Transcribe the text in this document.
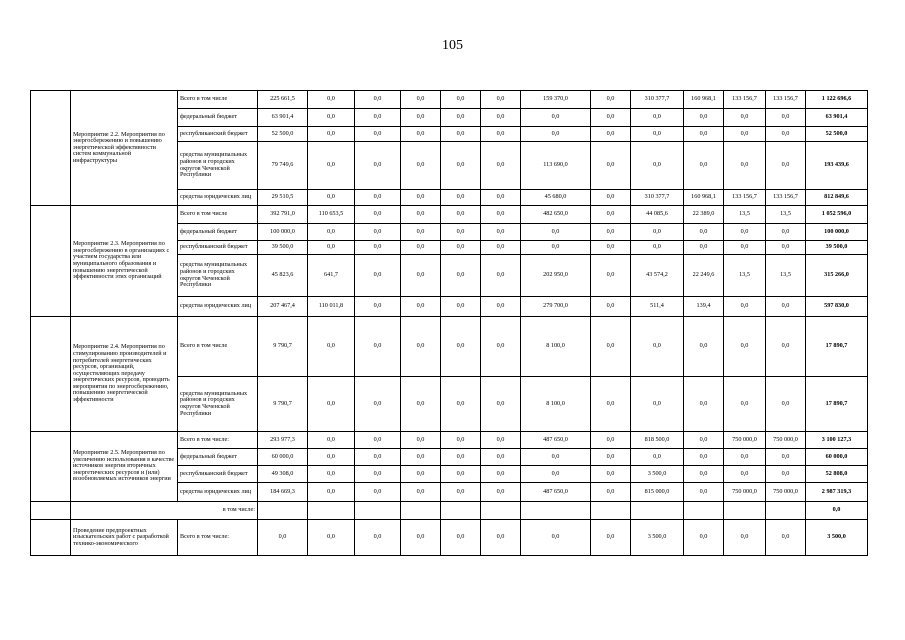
105
	Мероприятие 2.2. Мероприятия по энергосбережению и повышению энергетической эффективности систем коммунальной инфраструктуры	Всего в том числе	225 661,5	0,0	0,0	0,0	0,0	0,0	159 370,0	0,0	310 377,7	160 968,1	133 156,7	133 156,7	1 122 696,6
		федеральный бюджет	63 901,4	0,0	0,0	0,0	0,0	0,0	0,0	0,0	0,0	0,0	0,0	0,0	63 901,4
		республиканский бюджет	52 500,0	0,0	0,0	0,0	0,0	0,0	0,0	0,0	0,0	0,0	0,0	0,0	52 500,0
		средства муниципальных районов и городских округов Чеченской Республики	79 749,6	0,0	0,0	0,0	0,0	0,0	113 690,0	0,0	0,0	0,0	0,0	0,0	193 439,6
		средства юридических лиц	29 510,5	0,0	0,0	0,0	0,0	0,0	45 680,0	0,0	310 377,7	160 968,1	133 156,7	133 156,7	812 849,6
	Мероприятие 2.3. Мероприятия по энергосбережению в организациях с участием государства или муниципального образования и повышению энергетической эффективности этих организаций	Всего в том числе	392 791,0	110 653,5	0,0	0,0	0,0	0,0	482 650,0	0,0	44 085,6	22 389,0	13,5	13,5	1 052 596,0
		федеральный бюджет	100 000,0	0,0	0,0	0,0	0,0	0,0	0,0	0,0	0,0	0,0	0,0	0,0	100 000,0
		республиканский бюджет	39 500,0	0,0	0,0	0,0	0,0	0,0	0,0	0,0	0,0	0,0	0,0	0,0	39 500,0
		средства муниципальных районов и городских округов Чеченской Республики	45 823,6	641,7	0,0	0,0	0,0	0,0	202 950,0	0,0	43 574,2	22 249,6	13,5	13,5	315 266,0
		средства юридических лиц	207 467,4	110 011,8	0,0	0,0	0,0	0,0	279 700,0	0,0	511,4	139,4	0,0	0,0	597 830,0
	Мероприятие 2.4. Мероприятия по стимулированию производителей и потребителей энергетических ресурсов, организаций, осуществляющих передачу энергетических ресурсов, проводить мероприятия по энергосбережению, повышению энергетической эффективности	Всего в том числе	9 790,7	0,0	0,0	0,0	0,0	0,0	8 100,0	0,0	0,0	0,0	0,0	0,0	17 890,7
		средства муниципальных районов и городских округов Чеченской Республики	9 790,7	0,0	0,0	0,0	0,0	0,0	8 100,0	0,0	0,0	0,0	0,0	0,0	17 890,7
	Мероприятие 2.5. Мероприятия по увеличению использования в качестве источников энергии вторичных энергетических ресурсов и (или) возобновляемых источников энергии	Всего в том числе:	293 977,3	0,0	0,0	0,0	0,0	0,0	487 650,0	0,0	818 500,0	0,0	750 000,0	750 000,0	3 100 127,3
		федеральный бюджет	60 000,0	0,0	0,0	0,0	0,0	0,0	0,0	0,0	0,0	0,0	0,0	0,0	60 000,0
		республиканский бюджет	49 308,0	0,0	0,0	0,0	0,0	0,0	0,0	0,0	3 500,0	0,0	0,0	0,0	52 808,0
		средства юридических лиц	184 669,3	0,0	0,0	0,0	0,0	0,0	487 650,0	0,0	815 000,0	0,0	750 000,0	750 000,0	2 987 319,3
	в том числе:														0,0
	Проведение предпроектных изыскательских работ с разработкой технико-экономического	Всего в том числе:	0,0	0,0	0,0	0,0	0,0	0,0	0,0	0,0	3 500,0	0,0	0,0	0,0	3 500,0
